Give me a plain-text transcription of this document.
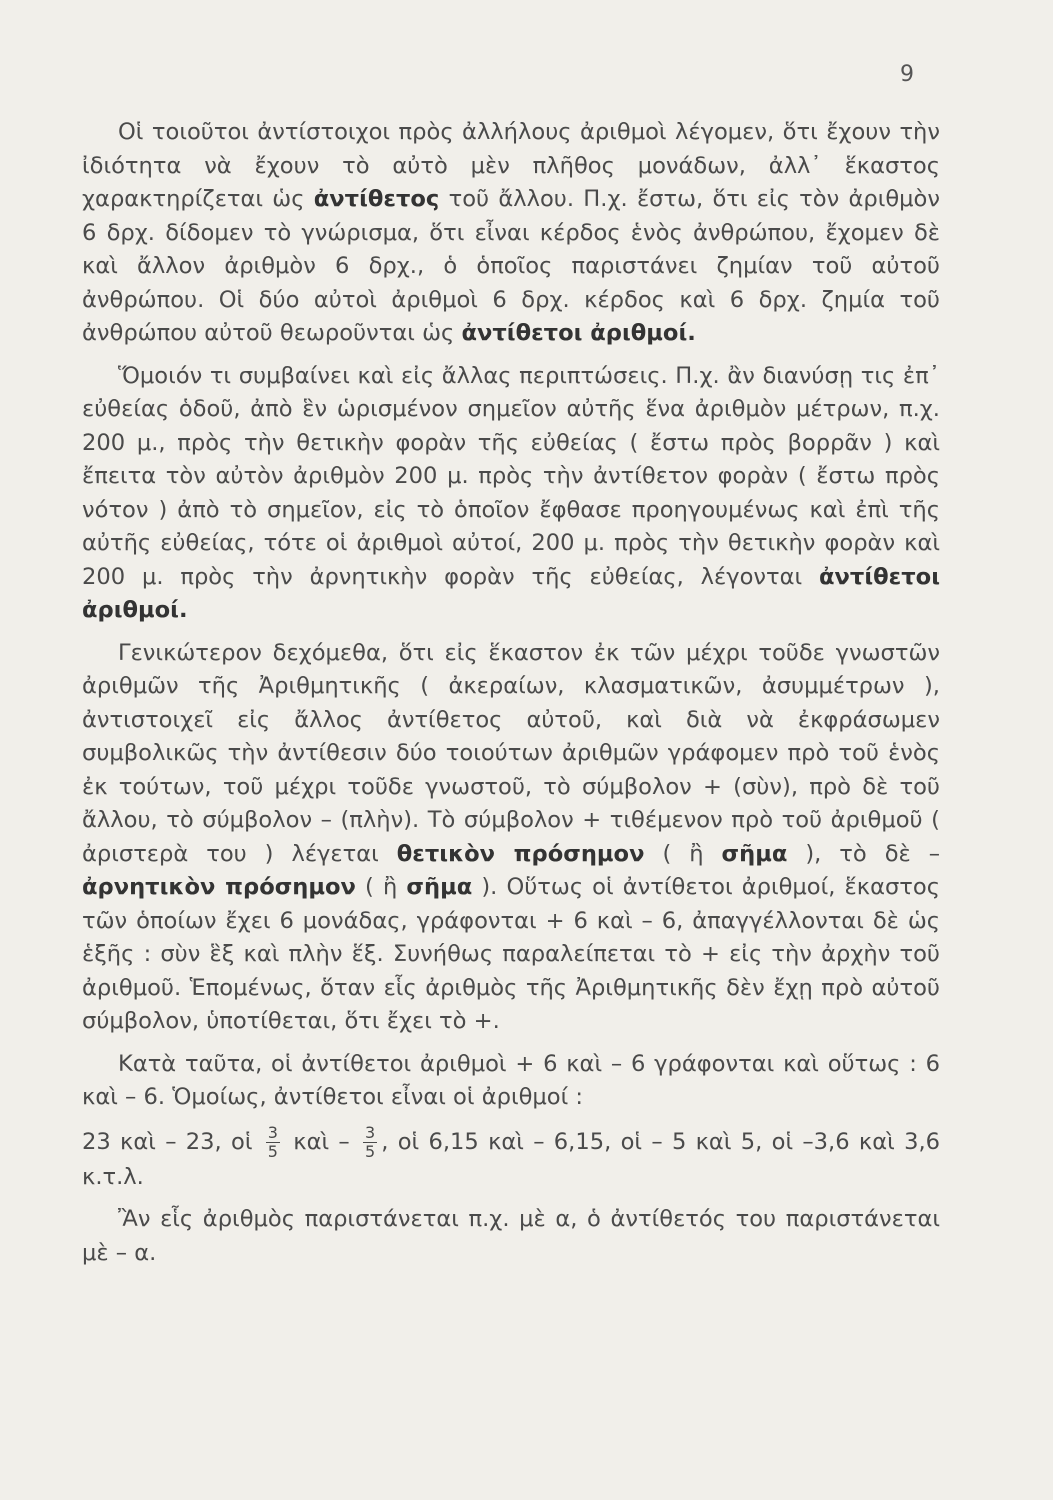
9

Οἱ τοιοῦτοι ἀντίστοιχοι πρὸς ἀλλήλους ἀριθμοὶ λέγομεν, ὅτι ἔχουν τὴν ἰδιότητα νὰ ἔχουν τὸ αὐτὸ μὲν πλῆθος μονάδων, ἀλλ᾽ ἕκαστος χαρακτηρίζεται ὡς ἀντίθετος τοῦ ἄλλου. Π.χ. ἔστω, ὅτι εἰς τὸν ἀριθμὸν 6 δρχ. δίδομεν τὸ γνώρισμα, ὅτι εἶναι κέρδος ἑνὸς ἀνθρώπου, ἔχομεν δὲ καὶ ἄλλον ἀριθμὸν 6 δρχ., ὁ ὁποῖος παριστάνει ζημίαν τοῦ αὐτοῦ ἀνθρώπου. Οἱ δύο αὐτοὶ ἀριθμοὶ 6 δρχ. κέρδος καὶ 6 δρχ. ζημία τοῦ ἀνθρώπου αὐτοῦ θεωροῦνται ὡς ἀντίθετοι ἀριθμοί.

Ὅμοιόν τι συμβαίνει καὶ εἰς ἄλλας περιπτώσεις. Π.χ. ἂν διανύσῃ τις ἐπ᾽ εὐθείας ὁδοῦ, ἀπὸ ἓν ὡρισμένον σημεῖον αὐτῆς ἕνα ἀριθμὸν μέτρων, π.χ. 200 μ., πρὸς τὴν θετικὴν φορὰν τῆς εὐθείας ( ἔστω πρὸς βορρᾶν ) καὶ ἔπειτα τὸν αὐτὸν ἀριθμὸν 200 μ. πρὸς τὴν ἀντίθετον φορὰν ( ἔστω πρὸς νότον ) ἀπὸ τὸ σημεῖον, εἰς τὸ ὁποῖον ἔφθασε προηγουμένως καὶ ἐπὶ τῆς αὐτῆς εὐθείας, τότε οἱ ἀριθμοὶ αὐτοί, 200 μ. πρὸς τὴν θετικὴν φορὰν καὶ 200 μ. πρὸς τὴν ἀρνητικὴν φορὰν τῆς εὐθείας, λέγονται ἀντίθετοι ἀριθμοί.

Γενικώτερον δεχόμεθα, ὅτι εἰς ἕκαστον ἐκ τῶν μέχρι τοῦδε γνωστῶν ἀριθμῶν τῆς Ἀριθμητικῆς ( ἀκεραίων, κλασματικῶν, ἀσυμμέτρων ), ἀντιστοιχεῖ εἰς ἄλλος ἀντίθετος αὐτοῦ, καὶ διὰ νὰ ἐκφράσωμεν συμβολικῶς τὴν ἀντίθεσιν δύο τοιούτων ἀριθμῶν γράφομεν πρὸ τοῦ ἑνὸς ἐκ τούτων, τοῦ μέχρι τοῦδε γνωστοῦ, τὸ σύμβολον + (σὺν), πρὸ δὲ τοῦ ἄλλου, τὸ σύμβολον – (πλὴν). Τὸ σύμβολον + τιθέμενον πρὸ τοῦ ἀριθμοῦ ( ἀριστερὰ του ) λέγεται θετικὸν πρόσημον ( ἢ σῆμα ), τὸ δὲ – ἀρνητικὸν πρόσημον ( ἢ σῆμα ). Οὕτως οἱ ἀντίθετοι ἀριθμοί, ἕκαστος τῶν ὁποίων ἔχει 6 μονάδας, γράφονται + 6 καὶ – 6, ἀπαγγέλλονται δὲ ὡς ἑξῆς : σὺν ἓξ καὶ πλὴν ἕξ. Συνήθως παραλείπεται τὸ + εἰς τὴν ἀρχὴν τοῦ ἀριθμοῦ. Ἑπομένως, ὅταν εἷς ἀριθμὸς τῆς Ἀριθμητικῆς δὲν ἔχῃ πρὸ αὐτοῦ σύμβολον, ὑποτίθεται, ὅτι ἔχει τὸ +.

Κατὰ ταῦτα, οἱ ἀντίθετοι ἀριθμοὶ + 6 καὶ – 6 γράφονται καὶ οὕτως : 6 καὶ – 6. Ὁμοίως, ἀντίθετοι εἶναι οἱ ἀριθμοί :

23 καὶ – 23, οἱ $\frac{3}{5}$ καὶ – $\frac{3}{5}$ , οἱ 6,15 καὶ – 6,15, οἱ – 5 καὶ 5, οἱ –3,6 καὶ 3,6 κ.τ.λ.

Ἂν εἷς ἀριθμὸς παριστάνεται π.χ. μὲ α, ὁ ἀντίθετός του παριστάνεται μὲ – α.
